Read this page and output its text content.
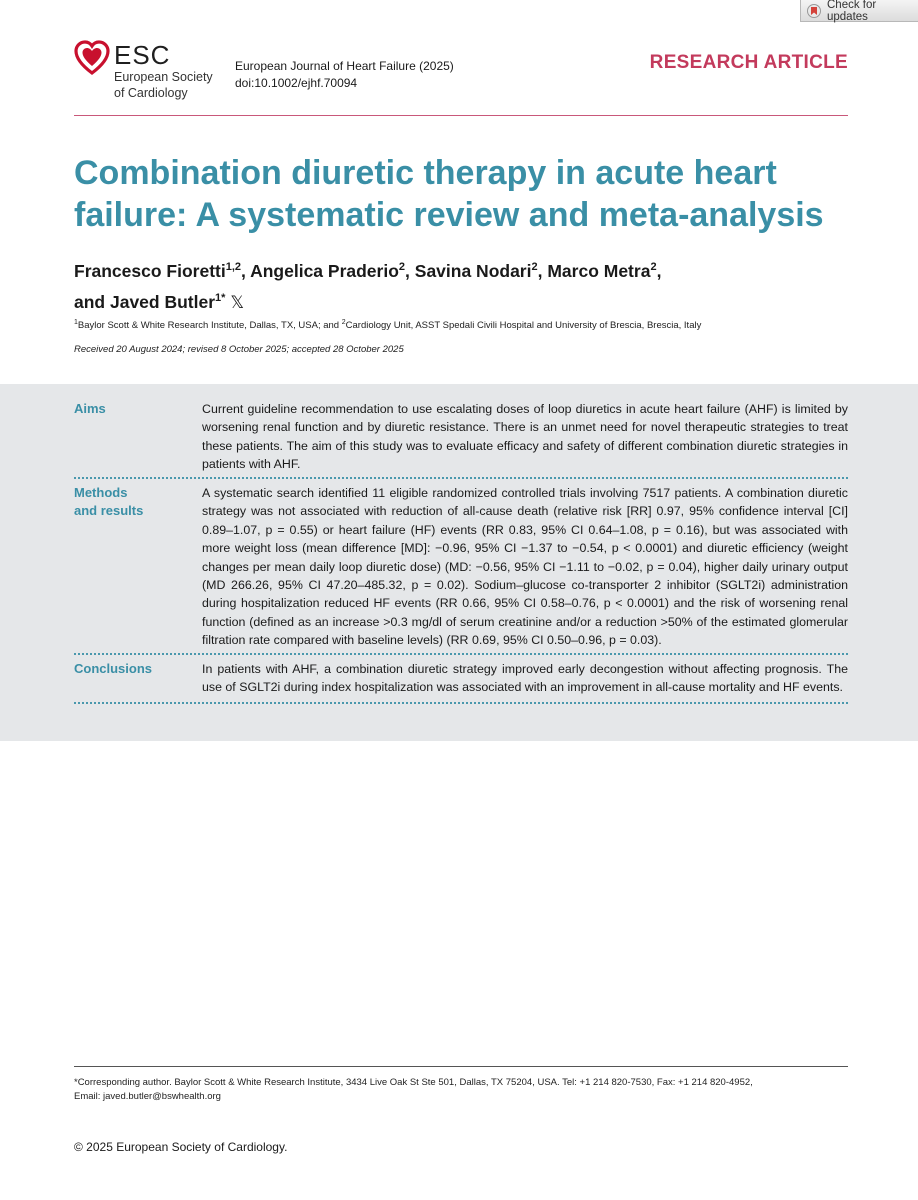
Check for updates
ESC
European Society
of Cardiology
European Journal of Heart Failure (2025)
doi:10.1002/ejhf.70094
RESEARCH ARTICLE
Combination diuretic therapy in acute heart failure: A systematic review and meta-analysis
Francesco Fioretti$^{1,2}$, Angelica Praderio$^2$, Savina Nodari$^2$, Marco Metra$^2$,
and Javed Butler$^{1*}$ 𝕏
$^1$Baylor Scott & White Research Institute, Dallas, TX, USA; and $^2$Cardiology Unit, ASST Spedali Civili Hospital and University of Brescia, Brescia, Italy
Received 20 August 2024; revised 8 October 2025; accepted 28 October 2025
Aims	Current guideline recommendation to use escalating doses of loop diuretics in acute heart failure (AHF) is limited by worsening renal function and by diuretic resistance. There is an unmet need for novel therapeutic strategies to treat these patients. The aim of this study was to evaluate efficacy and safety of different combination diuretic strategies in patients with AHF.
Methods
and results
A systematic search identified 11 eligible randomized controlled trials involving 7517 patients. A combination diuretic strategy was not associated with reduction of all-cause death (relative risk [RR] 0.97, 95% confidence interval [CI] 0.89–1.07, p = 0.55) or heart failure (HF) events (RR 0.83, 95% CI 0.64–1.08, p = 0.16), but was associated with more weight loss (mean difference [MD]: −0.96, 95% CI −1.37 to −0.54, p < 0.0001) and diuretic efficiency (weight changes per mean daily loop diuretic dose) (MD: −0.56, 95% CI −1.11 to −0.02, p = 0.04), higher daily urinary output (MD 266.26, 95% CI 47.20–485.32, p = 0.02). Sodium–glucose co-transporter 2 inhibitor (SGLT2i) administration during hospitalization reduced HF events (RR 0.66, 95% CI 0.58–0.76, p < 0.0001) and the risk of worsening renal function (defined as an increase >0.3 mg/dl of serum creatinine and/or a reduction >50% of the estimated glomerular filtration rate compared with baseline levels) (RR 0.69, 95% CI 0.50–0.96, p = 0.03).
Conclusions	In patients with AHF, a combination diuretic strategy improved early decongestion without affecting prognosis. The use of SGLT2i during index hospitalization was associated with an improvement in all-cause mortality and HF events.
*Corresponding author. Baylor Scott & White Research Institute, 3434 Live Oak St Ste 501, Dallas, TX 75204, USA. Tel: +1 214 820-7530, Fax: +1 214 820-4952,
Email: javed.butler@bswhealth.org
© 2025 European Society of Cardiology.
